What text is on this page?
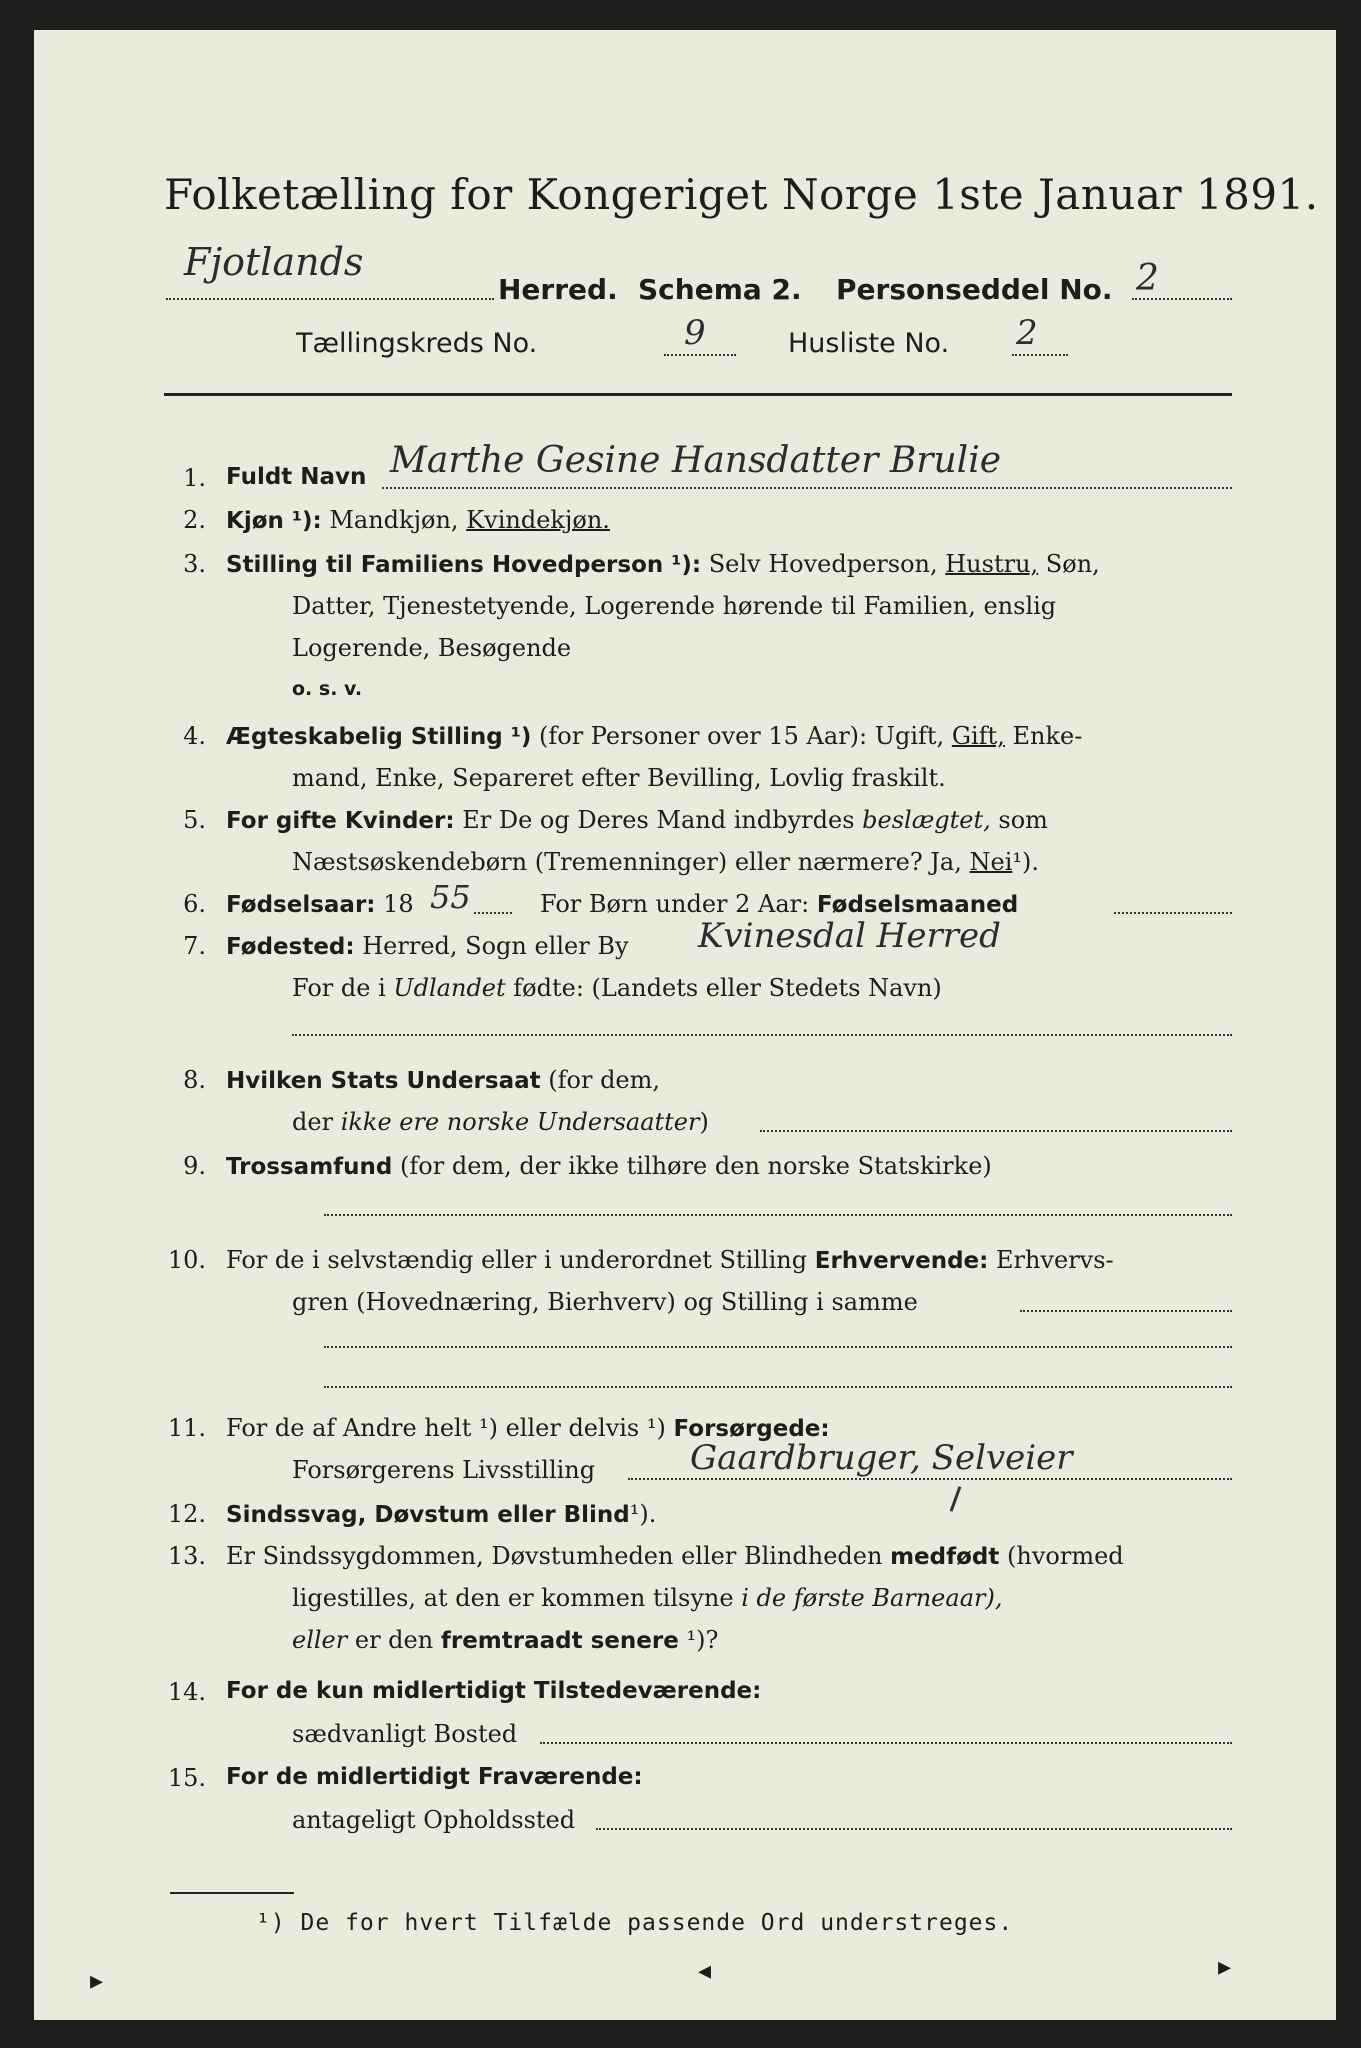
Folketælling for Kongeriget Norge 1ste Januar 1891.
Fjotlands
Herred. Schema 2. Personseddel No. 2
Tællingskreds No.	9	Husliste No. 2
1. Fuldt Navn Marthe Gesine Hansdatter Brulie
2. Kjøn ¹): Mandkjøn, Kvindekjøn.
3. Stilling til Familiens Hovedperson ¹): Selv Hovedperson, Hustru, Søn,
Datter, Tjenestetyende, Logerende hørende til Familien, enslig
Logerende, Besøgende
o. s. v.
4. Ægteskabelig Stilling ¹) (for Personer over 15 Aar): Ugift, Gift, Enke-
mand, Enke, Separeret efter Bevilling, Lovlig fraskilt.
5. For gifte Kvinder: Er De og Deres Mand indbyrdes beslægtet, som
Næstsøskendebørn (Tremenninger) eller nærmere? Ja, Nei¹).
6. Fødselsaar: 18 55	For Børn under 2 Aar: Fødselsmaaned
7. Fødested: Herred, Sogn eller By Kvinesdal Herred
For de i Udlandet fødte: (Landets eller Stedets Navn)
8. Hvilken Stats Undersaat (for dem,
der ikke ere norske Undersaatter)
9. Trossamfund (for dem, der ikke tilhøre den norske Statskirke)
10. For de i selvstændig eller i underordnet Stilling Erhvervende: Erhvervs-
gren (Hovednæring, Bierhverv) og Stilling i samme
11. For de af Andre helt ¹) eller delvis ¹) Forsørgede:
Forsørgerens Livsstilling	Gaardbruger, Selveier
12. Sindssvag, Døvstum eller Blind¹).
13. Er Sindssygdommen, Døvstumheden eller Blindheden medfødt (hvormed
ligestilles, at den er kommen tilsyne i de første Barneaar),
eller er den fremtraadt senere ¹)?
14. For de kun midlertidigt Tilstedeværende:
sædvanligt Bosted
15. For de midlertidigt Fraværende:
antageligt Opholdssted
¹) De for hvert Tilfælde passende Ord understreges.
▸	◂	▸
